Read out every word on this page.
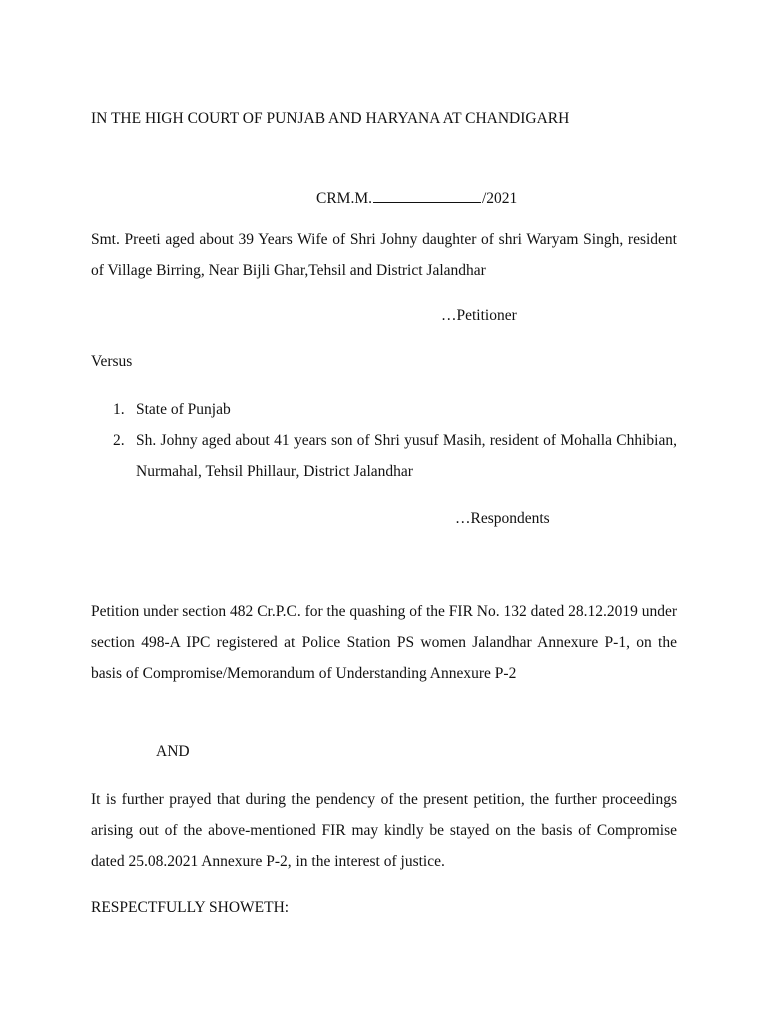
IN THE HIGH COURT OF PUNJAB AND HARYANA AT CHANDIGARH
CRM.M.	/2021
Smt. Preeti aged about 39 Years Wife of Shri Johny daughter of shri Waryam Singh, resident of Village Birring, Near Bijli Ghar,Tehsil and District Jalandhar
…Petitioner
Versus
1. State of Punjab
2. Sh. Johny aged about 41 years son of Shri yusuf Masih, resident of Mohalla Chhibian, Nurmahal, Tehsil Phillaur, District Jalandhar
…Respondents
Petition under section 482 Cr.P.C. for the quashing of the FIR No. 132 dated 28.12.2019 under section 498-A IPC registered at Police Station PS women Jalandhar Annexure P-1, on the basis of Compromise/Memorandum of Understanding Annexure P-2
AND
It is further prayed that during the pendency of the present petition, the further proceedings arising out of the above-mentioned FIR may kindly be stayed on the basis of Compromise dated 25.08.2021 Annexure P-2, in the interest of justice.
RESPECTFULLY SHOWETH:
